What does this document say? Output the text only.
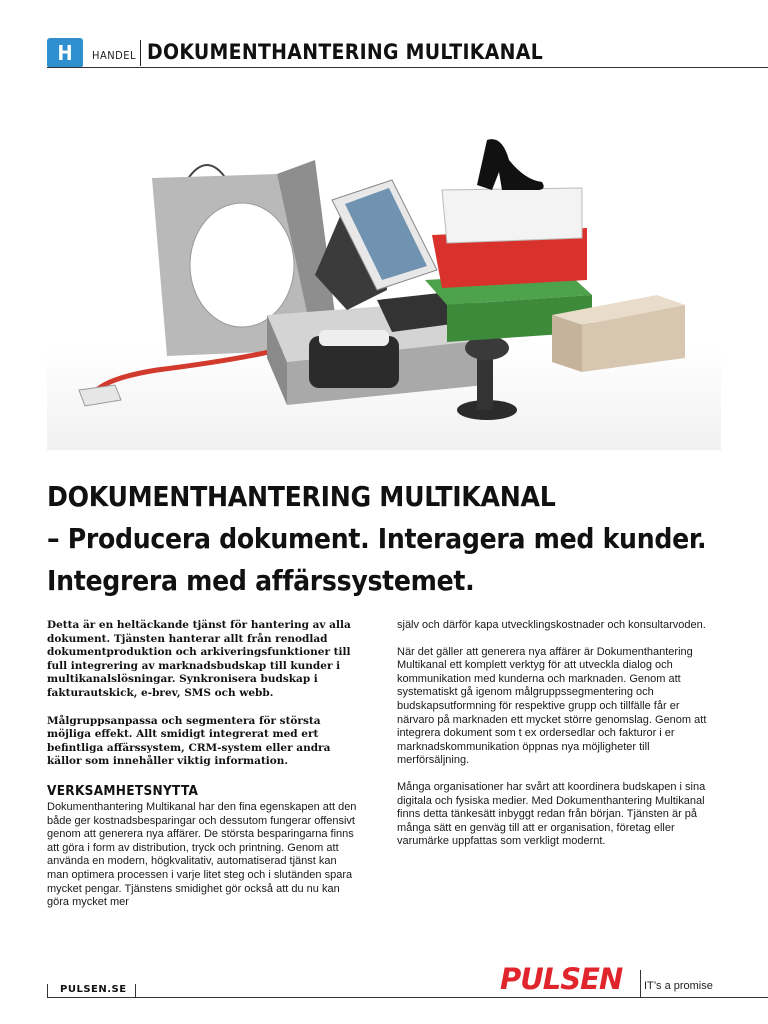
H	HANDEL DOKUMENTHANTERING MULTIKANAL
DOKUMENTHANTERING MULTIKANAL
– Producera dokument. Interagera med kunder.
Integrera med affärssystemet.

Detta är en heltäckande tjänst för hantering av alla dokument. Tjänsten hanterar allt från renodlad dokumentproduktion och arkiveringsfunktioner till full integrering av marknadsbudskap till kunder i multikanalslösningar. Synkronisera budskap i fakturautskick, e-brev, SMS och webb.

Målgruppsanpassa och segmentera för största möjliga effekt. Allt smidigt integrerat med ert befintliga affärssystem, CRM-system eller andra källor som innehåller viktig information.

VERKSAMHETSNYTTA

Dokumenthantering Multikanal har den fina egenskapen att den både ger kostnadsbesparingar och dessutom fungerar offensivt genom att generera nya affärer. De största besparingarna finns att göra i form av distribution, tryck och printning. Genom att använda en modern, högkvalitativ, automatiserad tjänst kan man optimera processen i varje litet steg och i slutänden spara mycket pengar. Tjänstens smidighet gör också att du nu kan göra mycket mer

själv och därför kapa utvecklingskostnader och konsultarvoden.

När det gäller att generera nya affärer är Dokumenthantering Multikanal ett komplett verktyg för att utveckla dialog och kommunikation med kunderna och marknaden. Genom att systematiskt gå igenom målgruppssegmentering och budskapsutformning för respektive grupp och tillfälle får er närvaro på marknaden ett mycket större genomslag. Genom att integrera dokument som t ex ordersedlar och fakturor i er marknadskommunikation öppnas nya möjligheter till merförsäljning.

Många organisationer har svårt att koordinera budskapen i sina digitala och fysiska medier. Med Dokumenthantering Multikanal finns detta tänkesätt inbyggt redan från början. Tjänsten är på många sätt en genväg till att er organisation, företag eller varumärke uppfattas som verkligt modernt.

PULSEN.SE	PULSEN IT’s a promise
